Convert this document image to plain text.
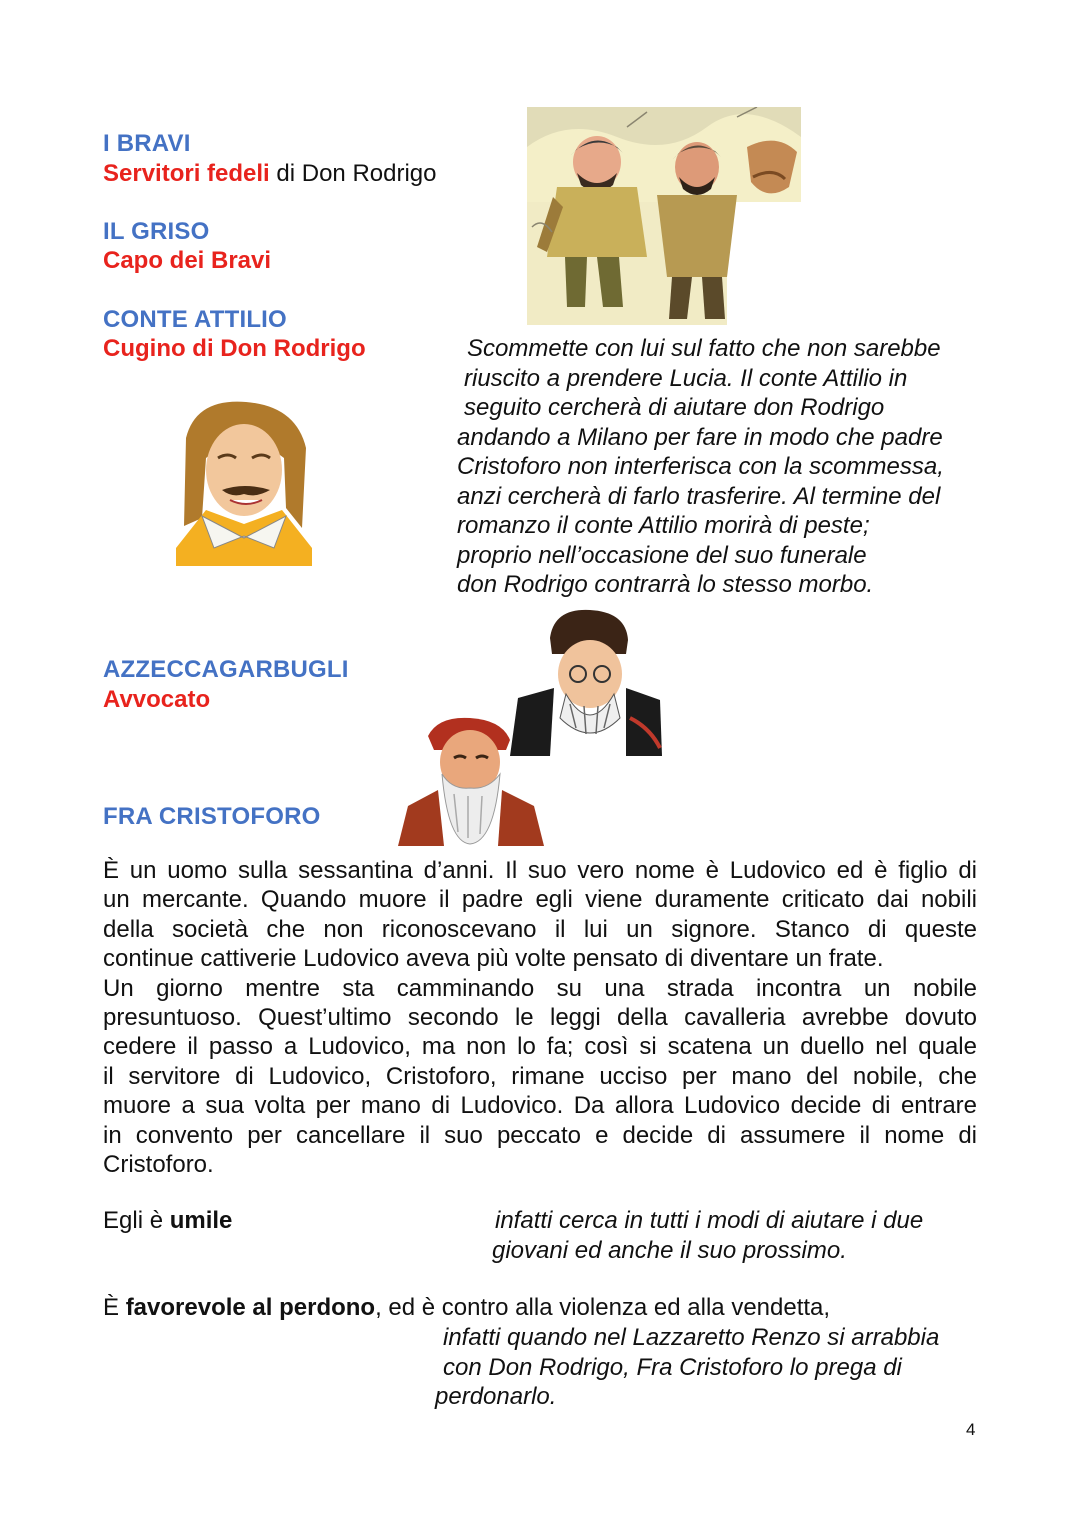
I BRAVI
Servitori fedeli di Don Rodrigo
IL GRISO
Capo dei Bravi
CONTE ATTILIO
Cugino di Don Rodrigo	Scommette con lui sul fatto che non sarebbe
riuscito a prendere Lucia. Il conte Attilio in
seguito cercherà di aiutare don Rodrigo
andando a Milano per fare in modo che padre
Cristoforo non interferisca con la scommessa,
anzi cercherà di farlo trasferire. Al termine del
romanzo il conte Attilio morirà di peste;
proprio nell’occasione del suo funerale
don Rodrigo contrarrà lo stesso morbo.
AZZECCAGARBUGLI
Avvocato
FRA CRISTOFORO

È un uomo sulla sessantina d’anni. Il suo vero nome è Ludovico ed è figlio di

un mercante. Quando muore il padre egli viene duramente criticato dai nobili

della società che non riconoscevano il lui un signore. Stanco di queste

continue cattiverie Ludovico aveva più volte pensato di diventare un frate.

Un giorno mentre sta camminando su una strada incontra un nobile

presuntuoso. Quest’ultimo secondo le leggi della cavalleria avrebbe dovuto

cedere il passo a Ludovico, ma non lo fa; così si scatena un duello nel quale

il servitore di Ludovico, Cristoforo, rimane ucciso per mano del nobile, che

muore a sua volta per mano di Ludovico. Da allora Ludovico decide di entrare

in convento per cancellare il suo peccato e decide di assumere il nome di

Cristoforo.

Egli è umile	infatti cerca in tutti i modi di aiutare i due
giovani ed anche il suo prossimo.
È favorevole al perdono, ed è contro alla violenza ed alla vendetta,
infatti quando nel Lazzaretto Renzo si arrabbia
con Don Rodrigo, Fra Cristoforo lo prega di
perdonarlo.
4
